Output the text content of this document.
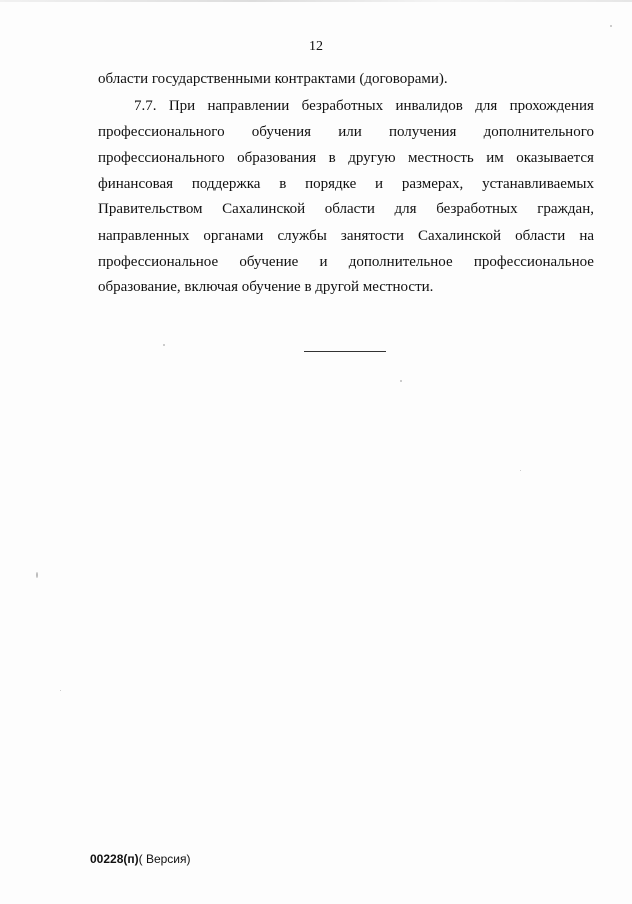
12
области государственными контрактами (договорами).
7.7. При направлении безработных инвалидов для прохождения
профессионального обучения или получения дополнительного
профессионального образования в другую местность им оказывается
финансовая поддержка в порядке и размерах, устанавливаемых
Правительством Сахалинской области для безработных граждан,
направленных органами службы занятости Сахалинской области на
профессиональное обучение и дополнительное профессиональное
образование, включая обучение в другой местности.
00228(п)( Версия)
